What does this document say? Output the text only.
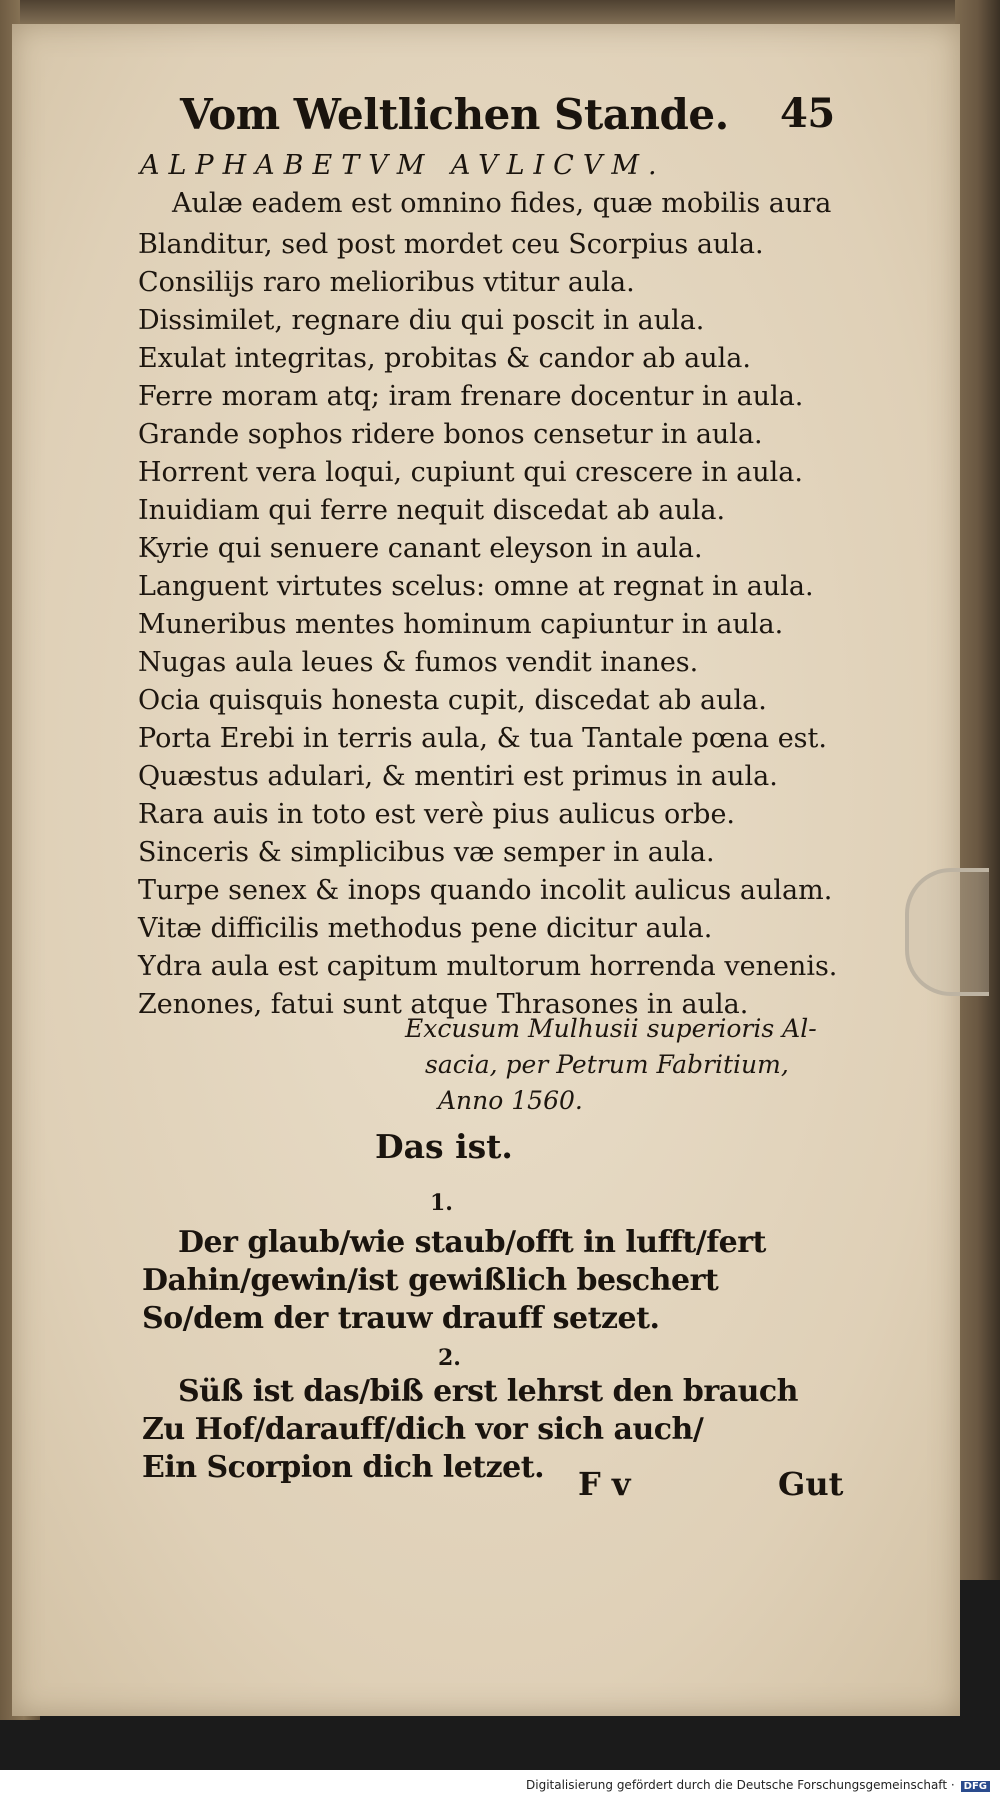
Vom Weltlichen Stande. 45
ALPHABETVM AVLICVM.
Aulæ eadem est omnino fides, quæ mobilis aura
Blanditur, sed post mordet ceu Scorpius aula.
Consilijs raro melioribus vtitur aula.
Dissimilet, regnare diu qui poscit in aula.
Exulat integritas, probitas & candor ab aula.
Ferre moram atq; iram frenare docentur in aula.
Grande sophos ridere bonos censetur in aula.
Horrent vera loqui, cupiunt qui crescere in aula.
Inuidiam qui ferre nequit discedat ab aula.
Kyrie qui senuere canant eleyson in aula.
Languent virtutes scelus: omne at regnat in aula.
Muneribus mentes hominum capiuntur in aula.
Nugas aula leues & fumos vendit inanes.
Ocia quisquis honesta cupit, discedat ab aula.
Porta Erebi in terris aula, & tua Tantale pœna est.
Quæstus adulari, & mentiri est primus in aula.
Rara auis in toto est verè pius aulicus orbe.
Sinceris & simplicibus væ semper in aula.
Turpe senex & inops quando incolit aulicus aulam.
Vitæ difficilis methodus pene dicitur aula.
Ydra aula est capitum multorum horrenda venenis.
Zenones, fatui sunt atque Thrasones in aula.
Excusum Mulhusii superioris Al-
sacia, per Petrum Fabritium,
Anno 1560.
Das ist.
1.
Der glaub/wie staub/offt in lufft/fert
Dahin/gewin/ist gewißlich beschert
So/dem der trauw drauff setzet.
2.
Süß ist das/biß erst lehrst den brauch
Zu Hof/darauff/dich vor sich auch/
Ein Scorpion dich letzet. F v	Gut
Digitalisierung gefördert durch die Deutsche Forschungsgemeinschaft · DFG
